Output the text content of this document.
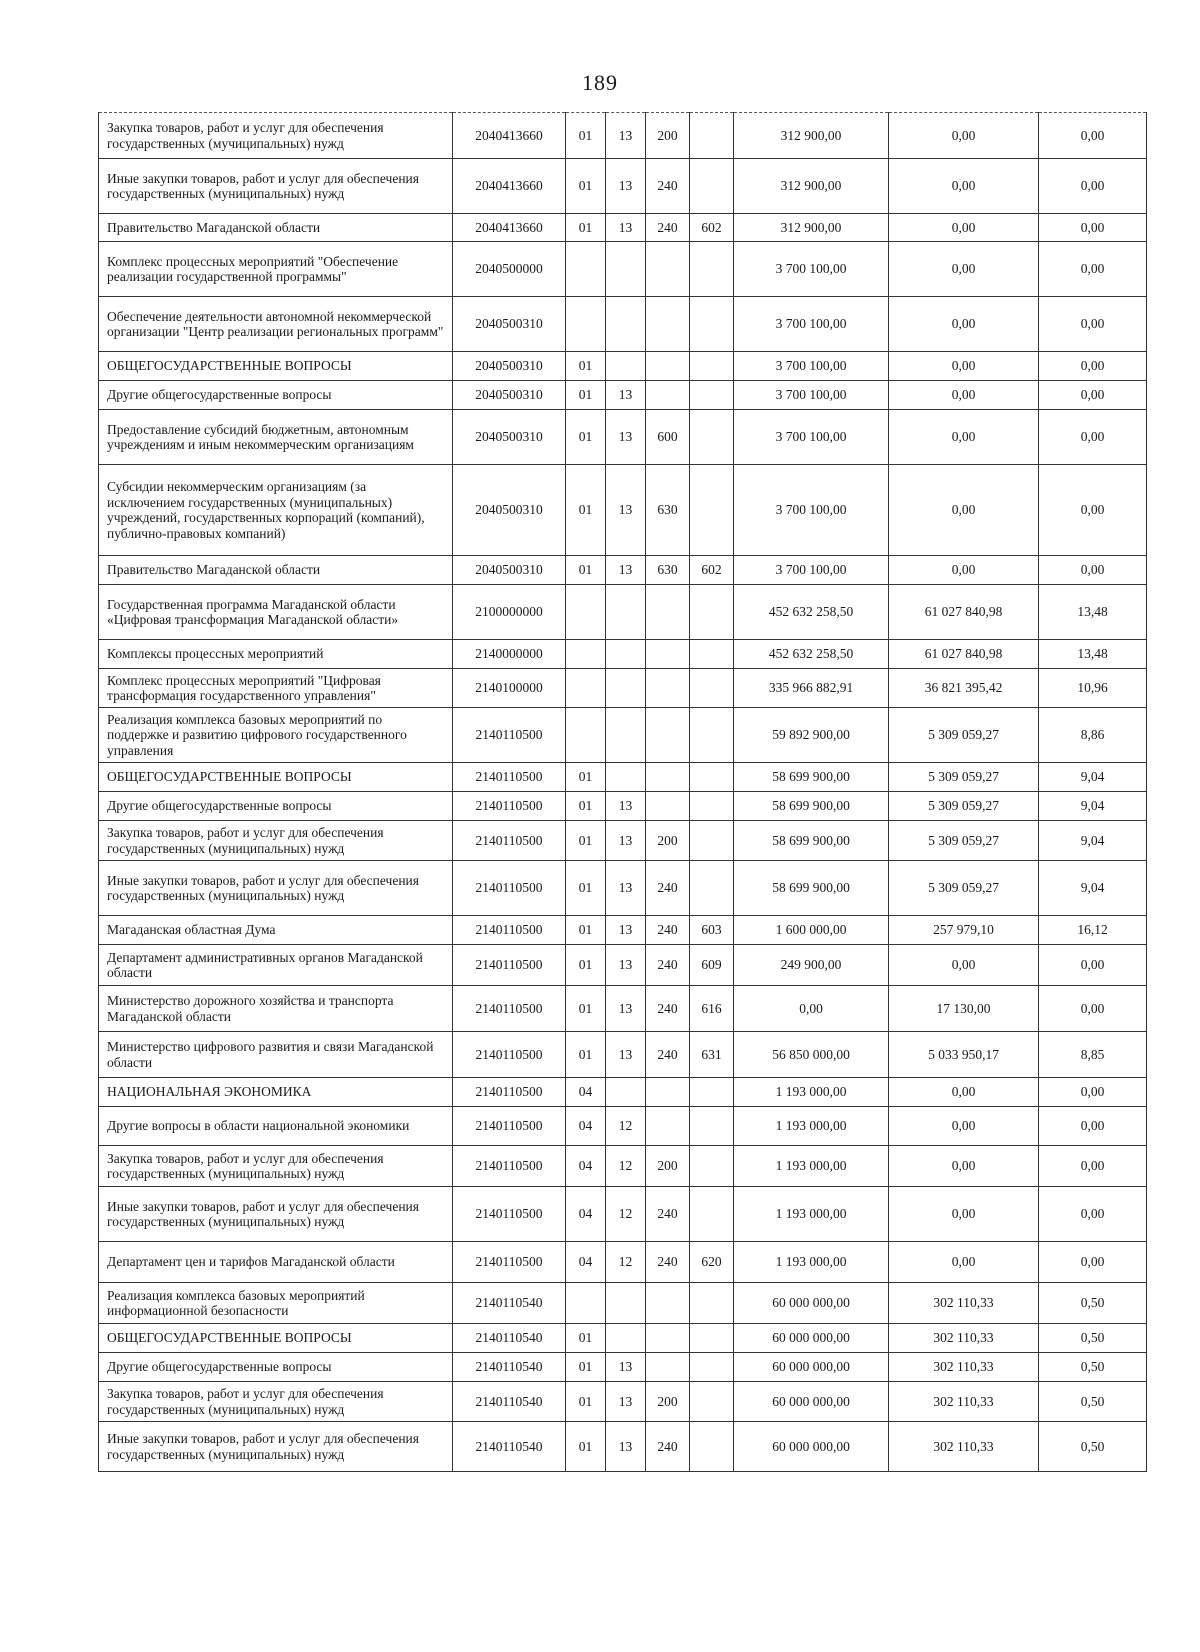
189
Закупка товаров, работ и услуг для обеспечения государственных (мучиципальных) нужд	2040413660	01	13	200		312 900,00	0,00	0,00
Иные закупки товаров, работ и услуг для обеспечения государственных (муниципальных) нужд	2040413660	01	13	240		312 900,00	0,00	0,00
Правительство Магаданской области	2040413660	01	13	240	602	312 900,00	0,00	0,00
Комплекс процессных мероприятий "Обеспечение реализации государственной программы"	2040500000					3 700 100,00	0,00	0,00
Обеспечение деятельности автономной некоммерческой организации "Центр реализации региональных программ"	2040500310					3 700 100,00	0,00	0,00
ОБЩЕГОСУДАРСТВЕННЫЕ ВОПРОСЫ	2040500310	01				3 700 100,00	0,00	0,00
Другие общегосударственные вопросы	2040500310	01	13			3 700 100,00	0,00	0,00
Предоставление субсидий бюджетным, автономным учреждениям и иным некоммерческим организациям	2040500310	01	13	600		3 700 100,00	0,00	0,00
Субсидии некоммерческим организациям (за исключением государственных (муниципальных) учреждений, государственных корпораций (компаний), публично-правовых компаний)	2040500310	01	13	630		3 700 100,00	0,00	0,00
Правительство Магаданской области	2040500310	01	13	630	602	3 700 100,00	0,00	0,00
Государственная программа Магаданской области «Цифровая трансформация Магаданской области»	2100000000					452 632 258,50	61 027 840,98	13,48
Комплексы процессных мероприятий	2140000000					452 632 258,50	61 027 840,98	13,48
Комплекс процессных мероприятий "Цифровая трансформация государственного управления"	2140100000					335 966 882,91	36 821 395,42	10,96
Реализация комплекса базовых мероприятий по поддержке и развитию цифрового государственного управления	2140110500					59 892 900,00	5 309 059,27	8,86
ОБЩЕГОСУДАРСТВЕННЫЕ ВОПРОСЫ	2140110500	01				58 699 900,00	5 309 059,27	9,04
Другие общегосударственные вопросы	2140110500	01	13			58 699 900,00	5 309 059,27	9,04
Закупка товаров, работ и услуг для обеспечения государственных (муниципальных) нужд	2140110500	01	13	200		58 699 900,00	5 309 059,27	9,04
Иные закупки товаров, работ и услуг для обеспечения государственных (муниципальных) нужд	2140110500	01	13	240		58 699 900,00	5 309 059,27	9,04
Магаданская областная Дума	2140110500	01	13	240	603	1 600 000,00	257 979,10	16,12
Департамент административных органов Магаданской области	2140110500	01	13	240	609	249 900,00	0,00	0,00
Министерство дорожного хозяйства и транспорта Магаданской области	2140110500	01	13	240	616	0,00	17 130,00	0,00
Министерство цифрового развития и связи Магаданской области	2140110500	01	13	240	631	56 850 000,00	5 033 950,17	8,85
НАЦИОНАЛЬНАЯ ЭКОНОМИКА	2140110500	04				1 193 000,00	0,00	0,00
Другие вопросы в области национальной экономики	2140110500	04	12			1 193 000,00	0,00	0,00
Закупка товаров, работ и услуг для обеспечения государственных (муниципальных) нужд	2140110500	04	12	200		1 193 000,00	0,00	0,00
Иные закупки товаров, работ и услуг для обеспечения государственных (муниципальных) нужд	2140110500	04	12	240		1 193 000,00	0,00	0,00
Департамент цен и тарифов Магаданской области	2140110500	04	12	240	620	1 193 000,00	0,00	0,00
Реализация комплекса базовых мероприятий информационной безопасности	2140110540					60 000 000,00	302 110,33	0,50
ОБЩЕГОСУДАРСТВЕННЫЕ ВОПРОСЫ	2140110540	01				60 000 000,00	302 110,33	0,50
Другие общегосударственные вопросы	2140110540	01	13			60 000 000,00	302 110,33	0,50
Закупка товаров, работ и услуг для обеспечения государственных (муниципальных) нужд	2140110540	01	13	200		60 000 000,00	302 110,33	0,50
Иные закупки товаров, работ и услуг для обеспечения государственных (муниципальных) нужд	2140110540	01	13	240		60 000 000,00	302 110,33	0,50
